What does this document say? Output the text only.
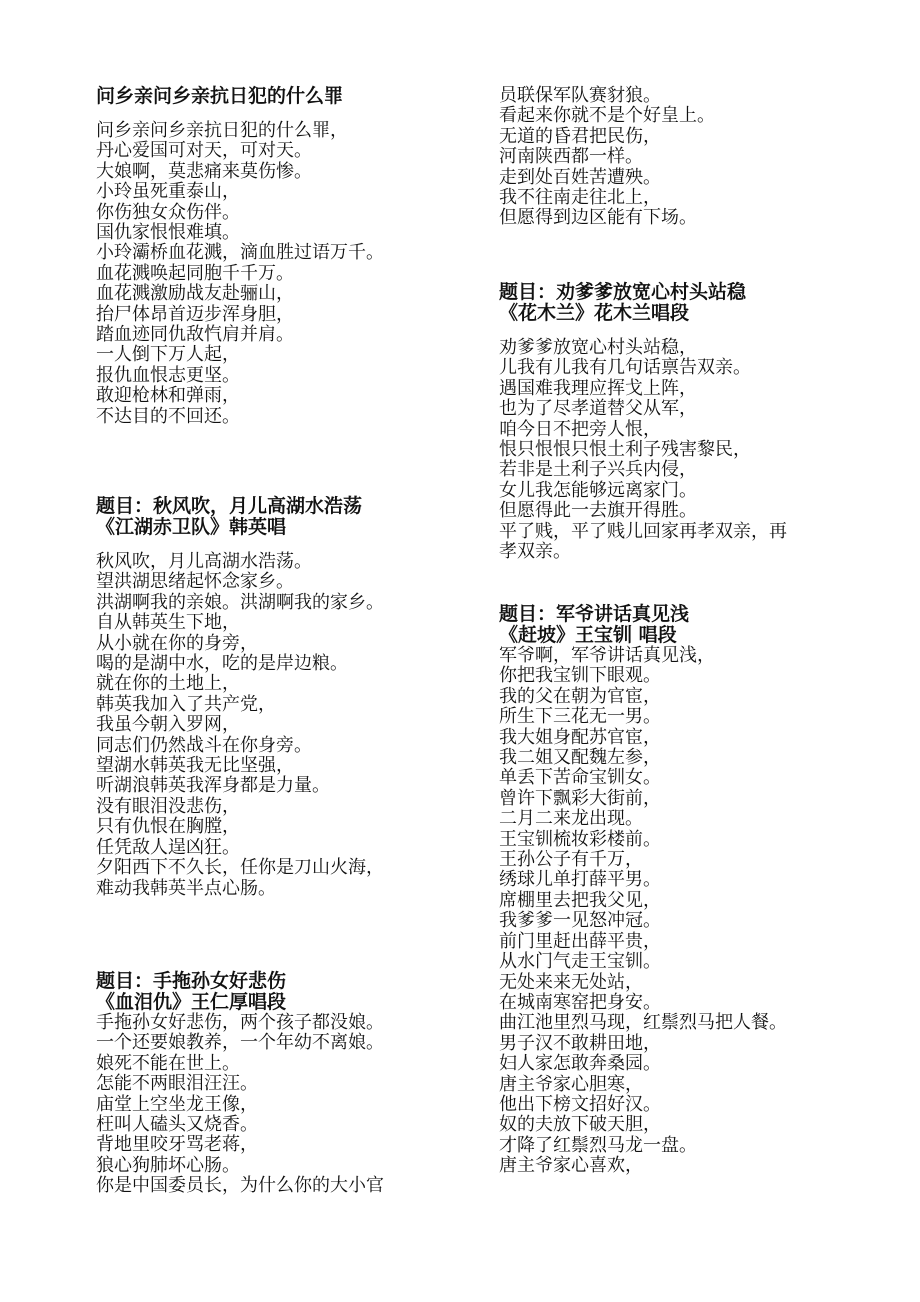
问乡亲问乡亲抗日犯的什么罪
问乡亲问乡亲抗日犯的什么罪，
丹心爱国可对天，可对天。
大娘啊，莫悲痛来莫伤惨。
小玲虽死重泰山，
你伤独女众伤伴。
国仇家恨恨难填。
小玲灞桥血花溅，滴血胜过语万千。
血花溅唤起同胞千千万。
血花溅激励战友赴骊山，
抬尸体昂首迈步浑身胆，
踏血迹同仇敌忾肩并肩。
一人倒下万人起，
报仇血恨志更坚。
敢迎枪林和弹雨，
不达目的不回还。
题目：秋风吹，月儿高湖水浩荡
《江湖赤卫队》韩英唱
秋风吹，月儿高湖水浩荡。
望洪湖思绪起怀念家乡。
洪湖啊我的亲娘。洪湖啊我的家乡。
自从韩英生下地，
从小就在你的身旁，
喝的是湖中水，吃的是岸边粮。
就在你的土地上，
韩英我加入了共产党，
我虽今朝入罗网，
同志们仍然战斗在你身旁。
望湖水韩英我无比坚强，
听湖浪韩英我浑身都是力量。
没有眼泪没悲伤，
只有仇恨在胸膛，
任凭敌人逞凶狂。
夕阳西下不久长，任你是刀山火海，
难动我韩英半点心肠。
题目：手拖孙女好悲伤
《血泪仇》王仁厚唱段
手拖孙女好悲伤，两个孩子都没娘。
一个还要娘教养，一个年幼不离娘。
娘死不能在世上。
怎能不两眼泪汪汪。
庙堂上空坐龙王像，
枉叫人磕头又烧香。
背地里咬牙骂老蒋，
狼心狗肺坏心肠。
你是中国委员长，为什么你的大小官
员联保军队赛豺狼。
看起来你就不是个好皇上。
无道的昏君把民伤，
河南陕西都一样。
走到处百姓苦遭殃。
我不往南走往北上，
但愿得到边区能有下场。
题目：劝爹爹放宽心村头站稳
《花木兰》花木兰唱段
劝爹爹放宽心村头站稳，
儿我有儿我有几句话禀告双亲。
遇国难我理应挥戈上阵，
也为了尽孝道替父从军，
咱今日不把旁人恨，
恨只恨恨只恨土利子残害黎民，
若非是土利子兴兵内侵，
女儿我怎能够远离家门。
但愿得此一去旗开得胜。
平了贱，平了贱儿回家再孝双亲，再
孝双亲。
题目：军爷讲话真见浅
《赶坡》王宝钏 唱段
军爷啊，军爷讲话真见浅，
你把我宝钏下眼观。
我的父在朝为官宦，
所生下三花无一男。
我大姐身配苏官宦，
我二姐又配魏左参，
单丢下苦命宝钏女。
曾许下飘彩大街前，
二月二来龙出现。
王宝钏梳妆彩楼前。
王孙公子有千万，
绣球儿单打薛平男。
席棚里去把我父见，
我爹爹一见怒冲冠。
前门里赶出薛平贵，
从水门气走王宝钏。
无处来来无处站，
在城南寒窑把身安。
曲江池里烈马现，红鬃烈马把人餐。
男子汉不敢耕田地，
妇人家怎敢奔桑园。
唐主爷家心胆寒，
他出下榜文招好汉。
奴的夫放下破天胆，
才降了红鬃烈马龙一盘。
唐主爷家心喜欢，
